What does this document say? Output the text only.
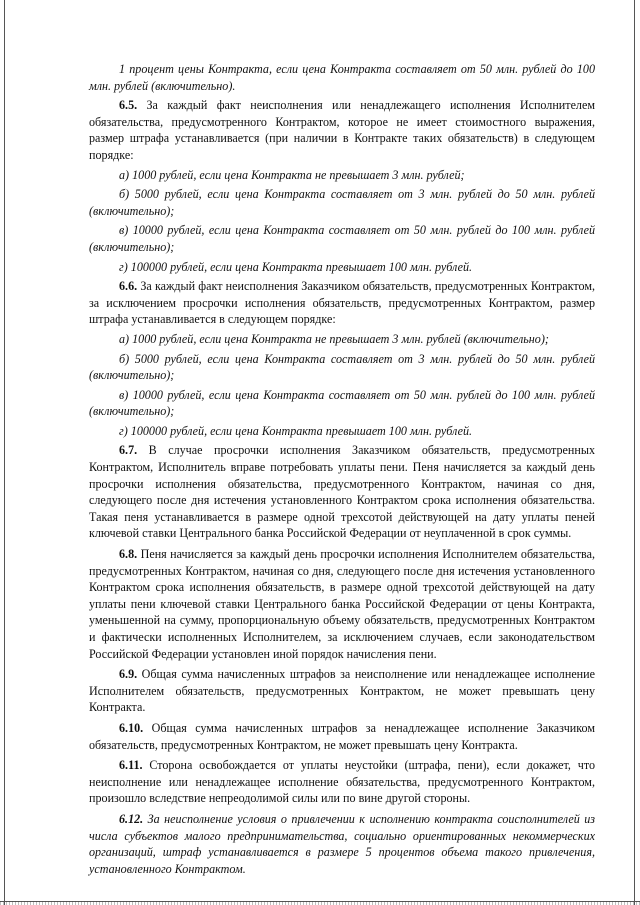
1 процент цены Контракта, если цена Контракта составляет от 50 млн. рублей до 100 млн. рублей (включительно).

6.5. За каждый факт неисполнения или ненадлежащего исполнения Исполнителем обязательства, предусмотренного Контрактом, которое не имеет стоимостного выражения, размер штрафа устанавливается (при наличии в Контракте таких обязательств) в следующем порядке:

а) 1000 рублей, если цена Контракта не превышает 3 млн. рублей;

б) 5000 рублей, если цена Контракта составляет от 3 млн. рублей до 50 млн. рублей (включительно);

в) 10000 рублей, если цена Контракта составляет от 50 млн. рублей до 100 млн. рублей (включительно);

г) 100000 рублей, если цена Контракта превышает 100 млн. рублей.

6.6. За каждый факт неисполнения Заказчиком обязательств, предусмотренных Контрактом, за исключением просрочки исполнения обязательств, предусмотренных Контрактом, размер штрафа устанавливается в следующем порядке:

а) 1000 рублей, если цена Контракта не превышает 3 млн. рублей (включительно);

б) 5000 рублей, если цена Контракта составляет от 3 млн. рублей до 50 млн. рублей (включительно);

в) 10000 рублей, если цена Контракта составляет от 50 млн. рублей до 100 млн. рублей (включительно);

г) 100000 рублей, если цена Контракта превышает 100 млн. рублей.

6.7. В случае просрочки исполнения Заказчиком обязательств, предусмотренных Контрактом, Исполнитель вправе потребовать уплаты пени. Пеня начисляется за каждый день просрочки исполнения обязательства, предусмотренного Контрактом, начиная со дня, следующего после дня истечения установленного Контрактом срока исполнения обязательства. Такая пеня устанавливается в размере одной трехсотой действующей на дату уплаты пеней ключевой ставки Центрального банка Российской Федерации от неуплаченной в срок суммы.

6.8. Пеня начисляется за каждый день просрочки исполнения Исполнителем обязательства, предусмотренных Контрактом, начиная со дня, следующего после дня истечения установленного Контрактом срока исполнения обязательств, в размере одной трехсотой действующей на дату уплаты пени ключевой ставки Центрального банка Российской Федерации от цены Контракта, уменьшенной на сумму, пропорциональную объему обязательств, предусмотренных Контрактом и фактически исполненных Исполнителем, за исключением случаев, если законодательством Российской Федерации установлен иной порядок начисления пени.

6.9. Общая сумма начисленных штрафов за неисполнение или ненадлежащее исполнение Исполнителем обязательств, предусмотренных Контрактом, не может превышать цену Контракта.

6.10. Общая сумма начисленных штрафов за ненадлежащее исполнение Заказчиком обязательств, предусмотренных Контрактом, не может превышать цену Контракта.

6.11. Сторона освобождается от уплаты неустойки (штрафа, пени), если докажет, что неисполнение или ненадлежащее исполнение обязательства, предусмотренного Контрактом, произошло вследствие непреодолимой силы или по вине другой стороны.

6.12. За неисполнение условия о привлечении к исполнению контракта соисполнителей из числа субъектов малого предпринимательства, социально ориентированных некоммерческих организаций, штраф устанавливается в размере 5 процентов объема такого привлечения, установленного Контрактом.
